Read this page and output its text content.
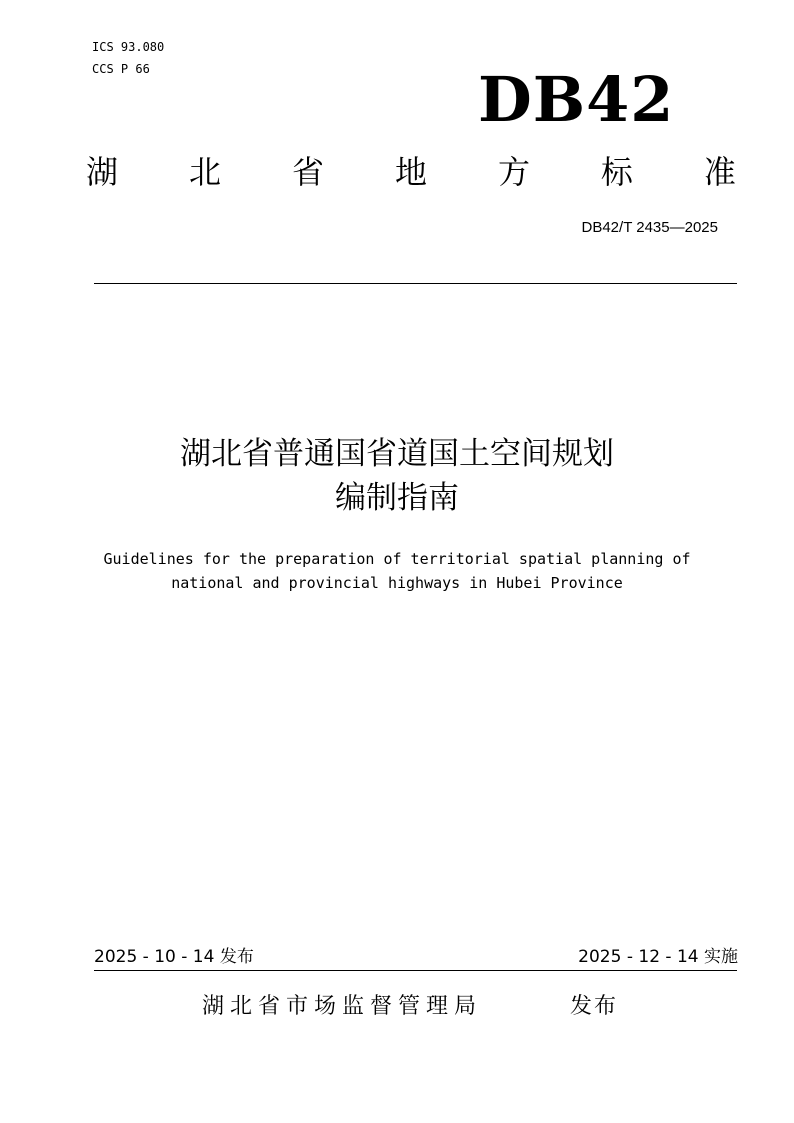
ICS 93.080
CCS P 66	DB42
湖 北 省 地 方 标 准
DB42/T 2435—2025
湖北省普通国省道国土空间规划
编制指南
Guidelines for the preparation of territorial spatial planning of
national and provincial highways in Hubei Province
2025 - 10 - 14 发布	2025 - 12 - 14 实施
湖北省市场监督管理局	发布
